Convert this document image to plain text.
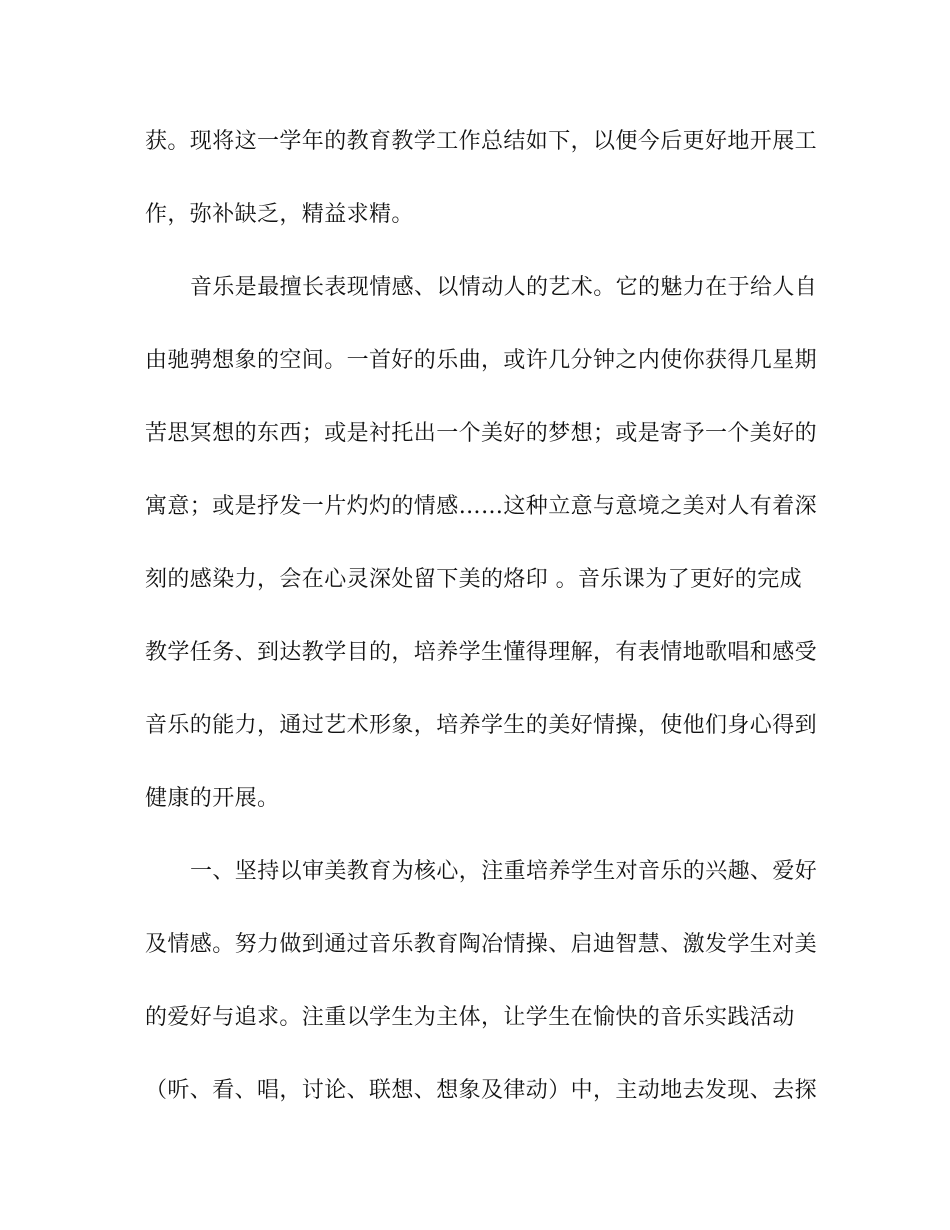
获。现将这一学年的教育教学工作总结如下，以便今后更好地开展工
作，弥补缺乏，精益求精。
音乐是最擅长表现情感、以情动人的艺术。它的魅力在于给人自
由驰骋想象的空间。一首好的乐曲，或许几分钟之内使你获得几星期
苦思冥想的东西；或是衬托出一个美好的梦想；或是寄予一个美好的
寓意；或是抒发一片灼灼的情感……这种立意与意境之美对人有着深
刻的感染力，会在心灵深处留下美的烙印 。音乐课为了更好的完成
教学任务、到达教学目的，培养学生懂得理解，有表情地歌唱和感受
音乐的能力，通过艺术形象，培养学生的美好情操，使他们身心得到
健康的开展。
一、坚持以审美教育为核心，注重培养学生对音乐的兴趣、爱好
及情感。努力做到通过音乐教育陶冶情操、启迪智慧、激发学生对美
的爱好与追求。注重以学生为主体，让学生在愉快的音乐实践活动
（听、看、唱，讨论、联想、想象及律动）中，主动地去发现、去探
